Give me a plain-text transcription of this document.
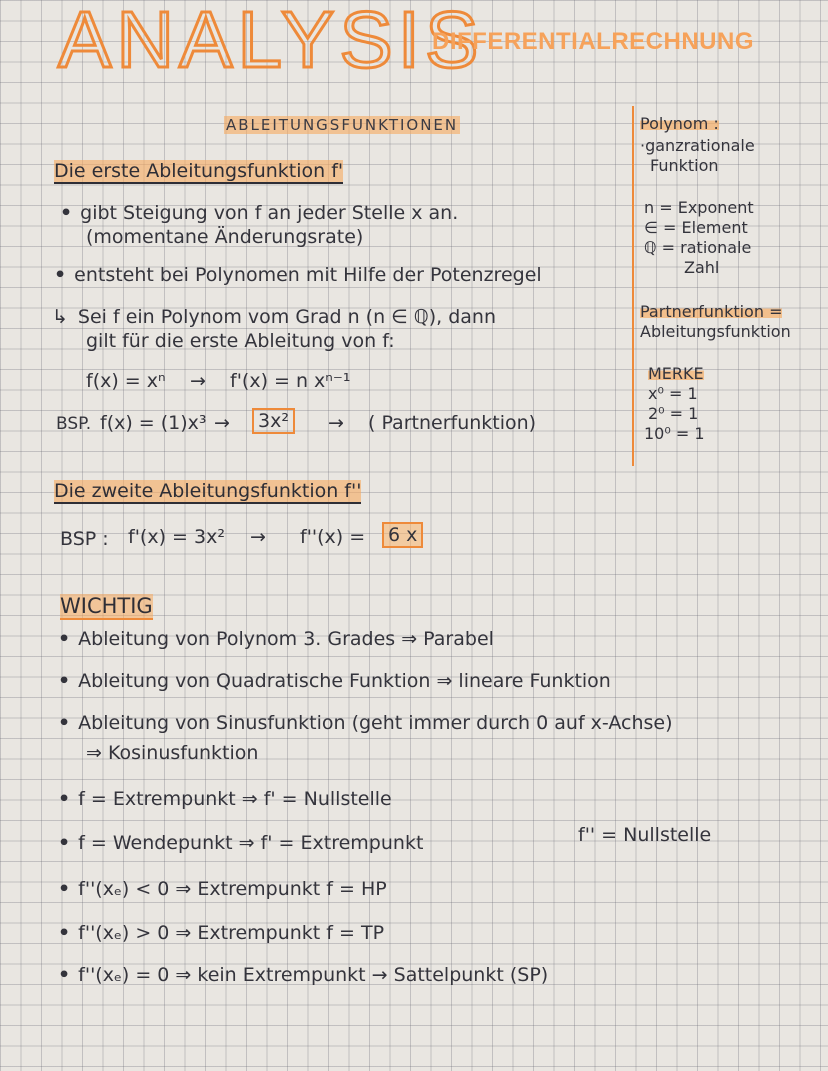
ANALYSIS
DIFFERENTIALRECHNUNG
ABLEITUNGSFUNKTIONEN
Die erste Ableitungsfunktion f'
• gibt Steigung von f an jeder Stelle x an.
(momentane Änderungsrate)
• entsteht bei Polynomen mit Hilfe der Potenzregel
↳ Sei f ein Polynom vom Grad n (n ∈ ℚ), dann
gilt für die erste Ableitung von f:
f(x) = xⁿ → f'(x) = n xⁿ⁻¹
BSP. f(x) = (1)x³ →	3x²	→ ( Partnerfunktion)
Die zweite Ableitungsfunktion f''
BSP : f'(x) = 3x² → f''(x) =	6 x
Polynom :
·ganzrationale
Funktion
n = Exponent
∈ = Element
ℚ = rationale
Zahl
Partnerfunktion =
Ableitungsfunktion
MERKE
x⁰ = 1
2⁰ = 1
10⁰ = 1
WICHTIG
• Ableitung von Polynom 3. Grades ⇒ Parabel
• Ableitung von Quadratische Funktion ⇒ lineare Funktion
• Ableitung von Sinusfunktion (geht immer durch 0 auf x-Achse)
⇒ Kosinusfunktion
• f = Extrempunkt ⇒ f' = Nullstelle
• f = Wendepunkt ⇒ f' = Extrempunkt	f'' = Nullstelle
• f''(xₑ) < 0 ⇒ Extrempunkt f = HP
• f''(xₑ) > 0 ⇒ Extrempunkt f = TP
• f''(xₑ) = 0 ⇒ kein Extrempunkt → Sattelpunkt (SP)
